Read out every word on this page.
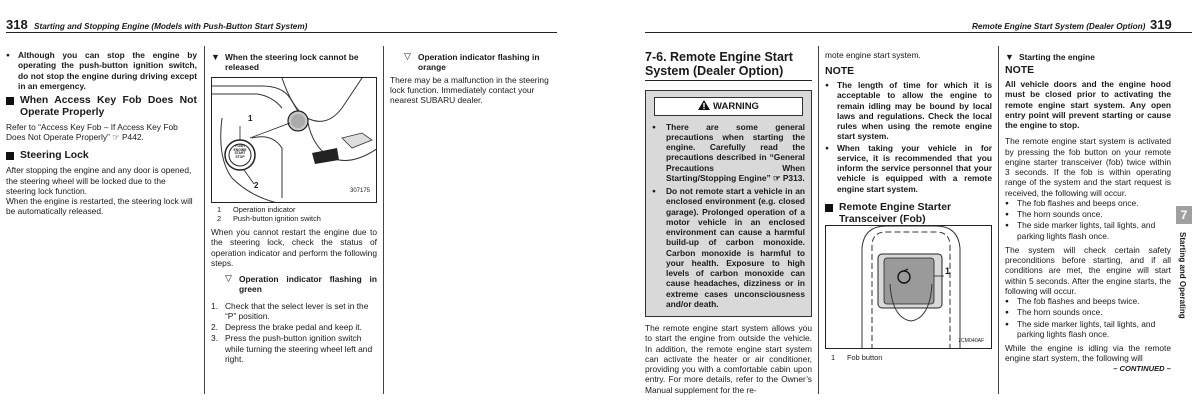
318 Starting and Stopping Engine (Models with Push-Button Start System)

● Although you can stop the engine by operating the push-button ignition switch, do not stop the engine during driving except in an emergency.

When Access Key Fob Does Not Operate Properly

Refer to “Access Key Fob – If Access Key Fob Does Not Operate Properly” ☞ P442.

Steering Lock

After stopping the engine and any door is opened, the steering wheel will be locked due to the steering lock function.

When the engine is restarted, the steering lock will be automatically released.

▼ When the steering lock cannot be released
PUSH ENGINE START STOP
1
2
307175

1 Operation indicator

2 Push-button ignition switch

When you cannot restart the engine due to the steering lock, check the status of operation indicator and perform the following steps.

▽ Operation indicator flashing in green

1. Check that the select lever is set in the “P” position.

2. Depress the brake pedal and keep it.

3. Press the push-button ignition switch while turning the steering wheel left and right.

▽ Operation indicator flashing in orange

There may be a malfunction in the steering lock function. Immediately contact your nearest SUBARU dealer.

Remote Engine Start System (Dealer Option) 319
7-6. Remote Engine Start System (Dealer Option)
WARNING

● There are some general precautions when starting the engine. Carefully read the precautions described in “General Precautions When Starting/Stopping Engine” ☞ P313.

● Do not remote start a vehicle in an enclosed environment (e.g. closed garage). Prolonged operation of a motor vehicle in an enclosed environment can cause a harmful build-up of carbon monoxide. Carbon monoxide is harmful to your health. Exposure to high levels of carbon monoxide can cause headaches, dizziness or in extreme cases unconsciousness and/or death.

The remote engine start system allows you to start the engine from outside the vehicle. In addition, the remote engine start system can activate the heater or air conditioner, providing you with a comfortable cabin upon entry. For more details, refer to the Owner’s Manual supplement for the re-

mote engine start system.

NOTE

● The length of time for which it is acceptable to allow the engine to remain idling may be bound by local laws and regulations. Check the local rules when using the remote engine start system.

● When taking your vehicle in for service, it is recommended that you inform the service personnel that your vehicle is equipped with a remote engine start system.

Remote Engine Starter Transceiver (Fob)
1
7CM040AF

1 Fob button

▼ Starting the engine
NOTE

All vehicle doors and the engine hood must be closed prior to activating the remote engine start system. Any open entry point will prevent starting or cause the engine to stop.

The remote engine start system is activated by pressing the fob button on your remote engine starter transceiver (fob) twice within 3 seconds. If the fob is within operating range of the system and the start request is received, the following will occur.

● The fob flashes and beeps once.

● The horn sounds once.

● The side marker lights, tail lights, and parking lights flash once.

The system will check certain safety preconditions before starting, and if all conditions are met, the engine will start within 5 seconds. After the engine starts, the following will occur.

● The fob flashes and beeps twice.

● The horn sounds once.

● The side marker lights, tail lights, and parking lights flash once.

While the engine is idling via the remote engine start system, the following will

– CONTINUED –

7
Starting and Operating
